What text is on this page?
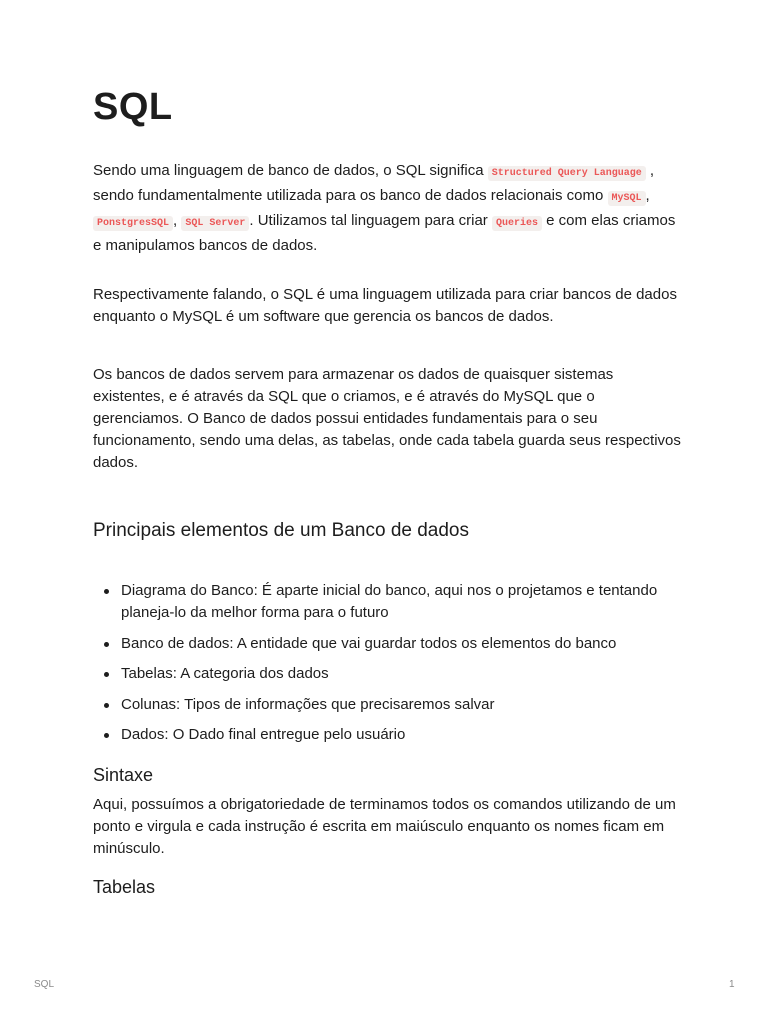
SQL

Sendo uma linguagem de banco de dados, o SQL significa Structured Query Language , sendo fundamentalmente utilizada para os banco de dados relacionais como MySQL , PonstgresSQL , SQL Server . Utilizamos tal linguagem para criar Queries e com elas criamos e manipulamos bancos de dados.

Respectivamente falando, o SQL é uma linguagem utilizada para criar bancos de dados enquanto o MySQL é um software que gerencia os bancos de dados.

Os bancos de dados servem para armazenar os dados de quaisquer sistemas existentes, e é através da SQL que o criamos, e é através do MySQL que o gerenciamos. O Banco de dados possui entidades fundamentais para o seu funcionamento, sendo uma delas, as tabelas, onde cada tabela guarda seus respectivos dados.

Principais elementos de um Banco de dados
Diagrama do Banco: É aparte inicial do banco, aqui nos o projetamos e tentando planeja-lo da melhor forma para o futuro
Banco de dados: A entidade que vai guardar todos os elementos do banco
Tabelas: A categoria dos dados
Colunas: Tipos de informações que precisaremos salvar
Dados: O Dado final entregue pelo usuário
Sintaxe

Aqui, possuímos a obrigatoriedade de terminamos todos os comandos utilizando de um ponto e virgula e cada instrução é escrita em maiúsculo enquanto os nomes ficam em minúsculo.

Tabelas
SQL	1
